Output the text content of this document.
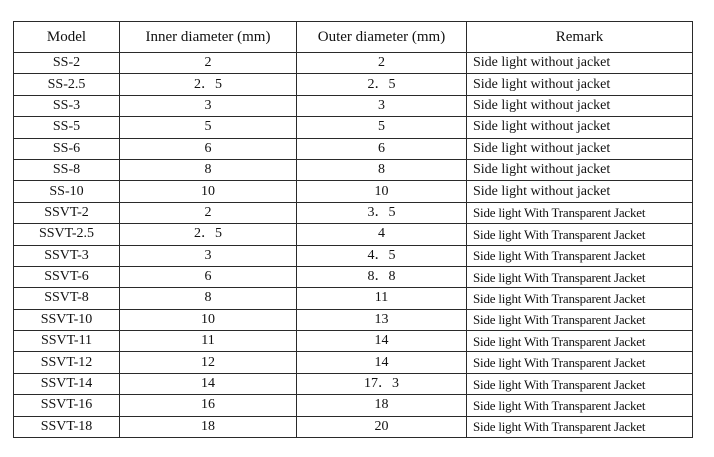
Model	Inner diameter (mm)	Outer diameter (mm)	Remark
SS-2	2	2	Side light without jacket
SS-2.5	2．5	2．5	Side light without jacket
SS-3	3	3	Side light without jacket
SS-5	5	5	Side light without jacket
SS-6	6	6	Side light without jacket
SS-8	8	8	Side light without jacket
SS-10	10	10	Side light without jacket
SSVT-2	2	3．5	Side light With Transparent Jacket
SSVT-2.5	2．5	4	Side light With Transparent Jacket
SSVT-3	3	4．5	Side light With Transparent Jacket
SSVT-6	6	8．8	Side light With Transparent Jacket
SSVT-8	8	11	Side light With Transparent Jacket
SSVT-10	10	13	Side light With Transparent Jacket
SSVT-11	11	14	Side light With Transparent Jacket
SSVT-12	12	14	Side light With Transparent Jacket
SSVT-14	14	17．3	Side light With Transparent Jacket
SSVT-16	16	18	Side light With Transparent Jacket
SSVT-18	18	20	Side light With Transparent Jacket
